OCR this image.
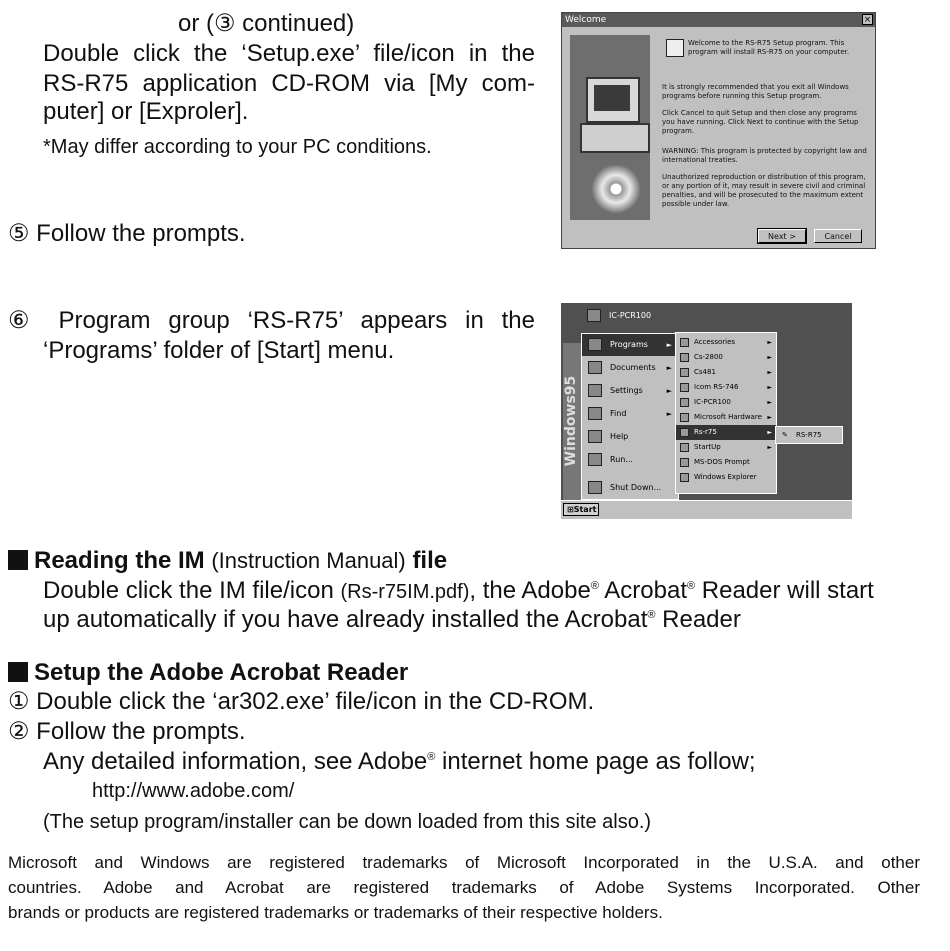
or (③ continued)
Double click the ‘Setup.exe’ file/icon in the
RS-R75 application CD-ROM via [My com-
puter] or [Exproler].
*May differ according to your PC conditions.
⑤ Follow the prompts.
⑥ Program group ‘RS-R75’ appears in the
‘Programs’ folder of [Start] menu.
Welcome	×
Welcome to the RS-R75 Setup program. This program will install RS-R75 on your computer.
It is strongly recommended that you exit all Windows programs before running this Setup program.
Click Cancel to quit Setup and then close any programs you have running. Click Next to continue with the Setup program.
WARNING: This program is protected by copyright law and international treaties.
Unauthorized reproduction or distribution of this program, or any portion of it, may result in severe civil and criminal penalties, and will be prosecuted to the maximum extent possible under law.
Next >	Cancel
IC-PCR100
Windows95
Programs	►
Documents ►
Settings	►
Find	►
Help
Run...
Shut Down...
Accessories	►
Cs-2800	►
Cs481	►
Icom RS-746	►
IC-PCR100	►
Microsoft Hardware ►
Rs-r75	►
StartUp	►
MS-DOS Prompt
Windows Explorer
✎ RS-R75
⊞Start
Reading the IM (Instruction Manual) file
Double click the IM file/icon (Rs-r75IM.pdf), the Adobe® Acrobat® Reader will start
up automatically if you have already installed the Acrobat® Reader
Setup the Adobe Acrobat Reader
① Double click the ‘ar302.exe’ file/icon in the CD-ROM.
② Follow the prompts.
Any detailed information, see Adobe® internet home page as follow;
http://www.adobe.com/
(The setup program/installer can be down loaded from this site also.)
Microsoft and Windows are registered trademarks of Microsoft Incorporated in the U.S.A. and other
countries. Adobe and Acrobat are registered trademarks of Adobe Systems Incorporated. Other
brands or products are registered trademarks or trademarks of their respective holders.
